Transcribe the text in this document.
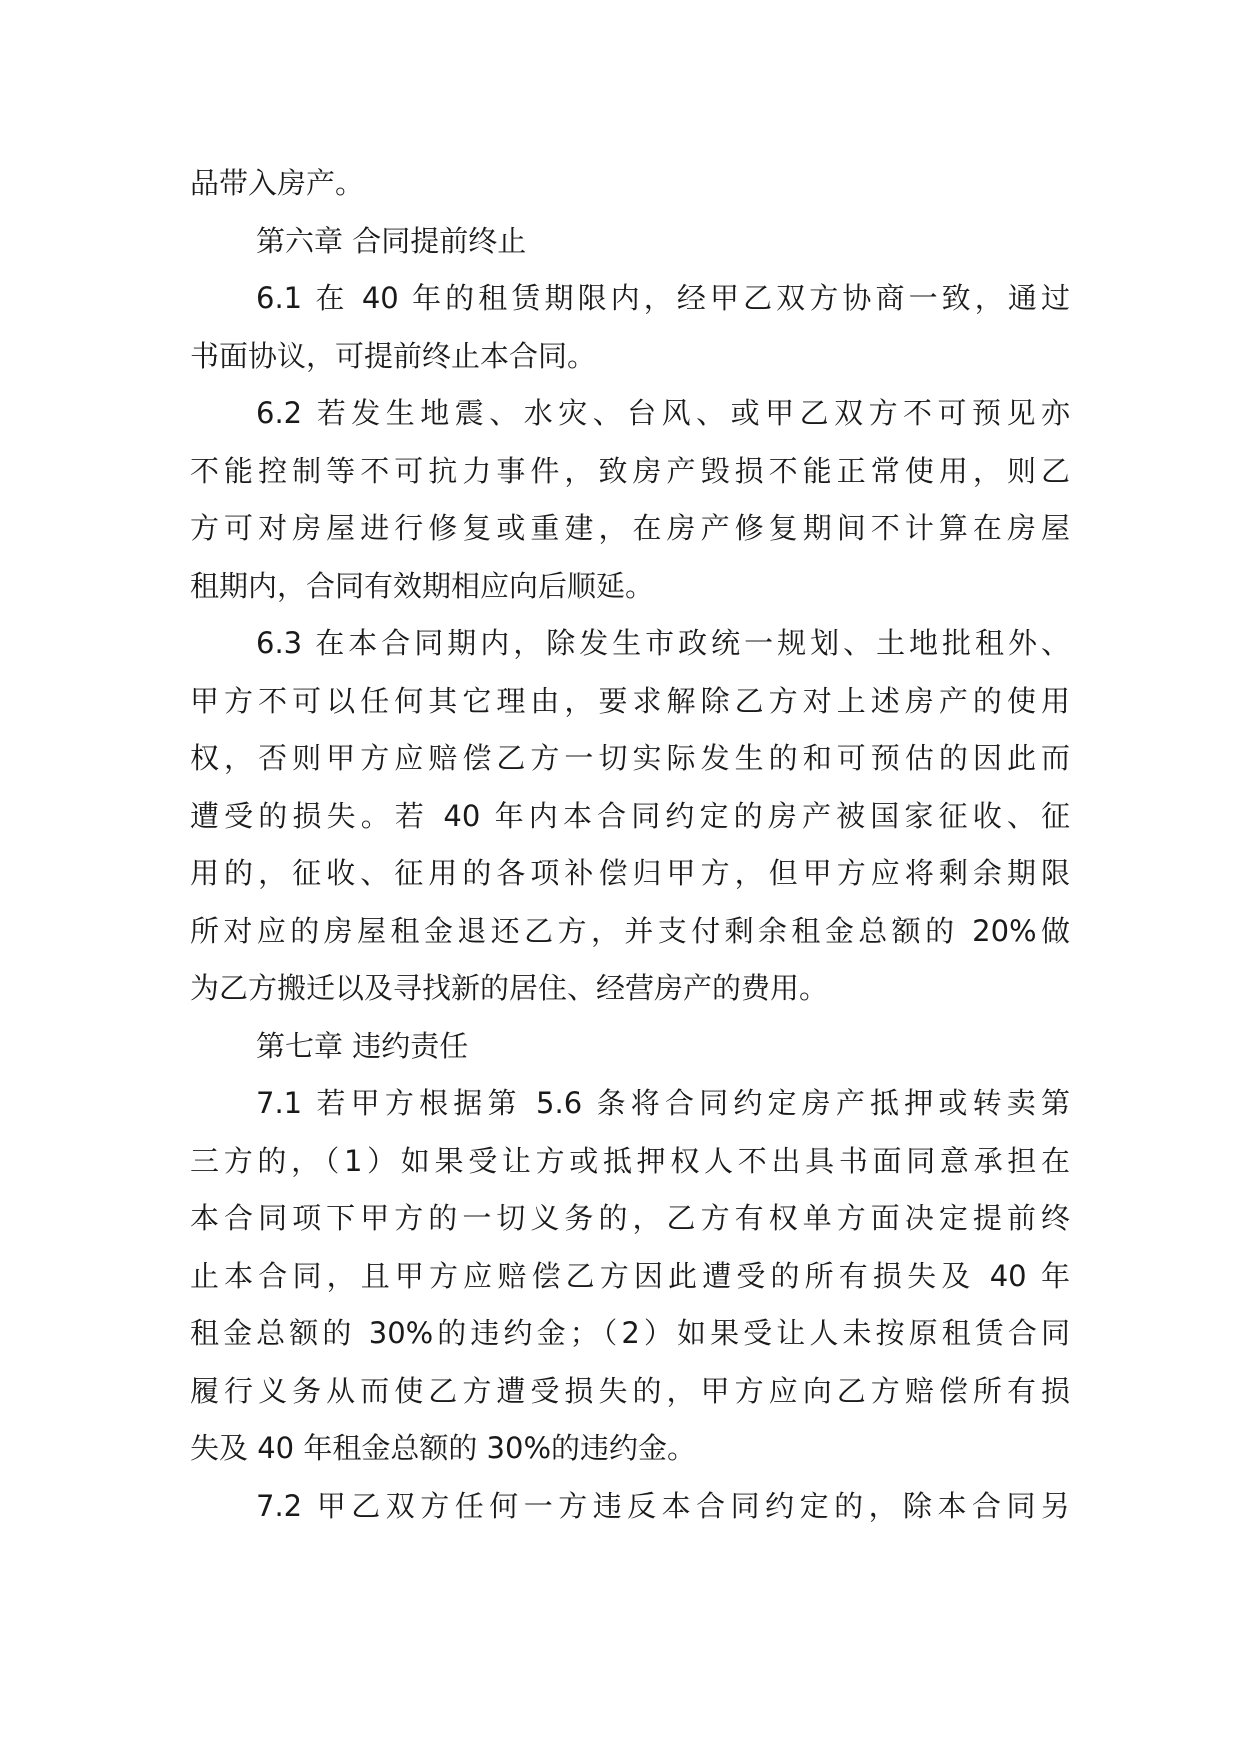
品带入房产。
第六章 合同提前终止
6.1 在 40 年的租赁期限内，经甲乙双方协商一致，通过
书面协议，可提前终止本合同。
6.2 若发生地震、水灾、台风、或甲乙双方不可预见亦
不能控制等不可抗力事件，致房产毁损不能正常使用，则乙
方可对房屋进行修复或重建，在房产修复期间不计算在房屋
租期内，合同有效期相应向后顺延。
6.3 在本合同期内，除发生市政统一规划、土地批租外、
甲方不可以任何其它理由，要求解除乙方对上述房产的使用
权，否则甲方应赔偿乙方一切实际发生的和可预估的因此而
遭受的损失。若 40 年内本合同约定的房产被国家征收、征
用的，征收、征用的各项补偿归甲方，但甲方应将剩余期限
所对应的房屋租金退还乙方，并支付剩余租金总额的 20%做
为乙方搬迁以及寻找新的居住、经营房产的费用。
第七章 违约责任
7.1 若甲方根据第 5.6 条将合同约定房产抵押或转卖第
三方的，（1）如果受让方或抵押权人不出具书面同意承担在
本合同项下甲方的一切义务的，乙方有权单方面决定提前终
止本合同，且甲方应赔偿乙方因此遭受的所有损失及 40 年
租金总额的 30%的违约金；（2）如果受让人未按原租赁合同
履行义务从而使乙方遭受损失的，甲方应向乙方赔偿所有损
失及 40 年租金总额的 30%的违约金。
7.2 甲乙双方任何一方违反本合同约定的，除本合同另
